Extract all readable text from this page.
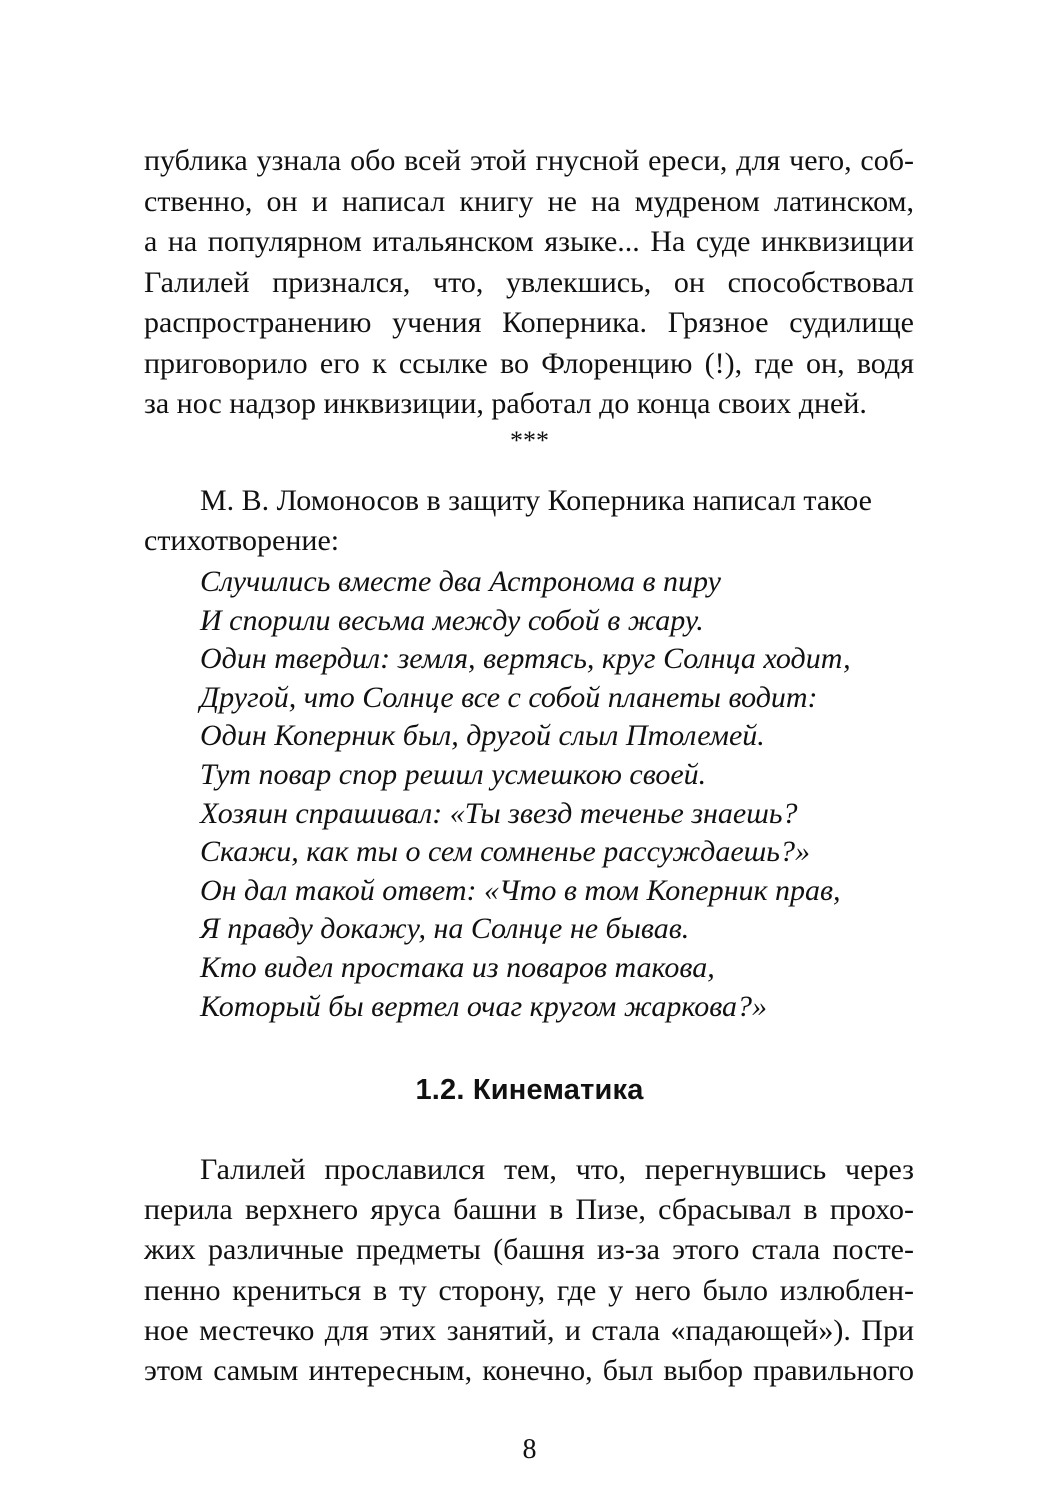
публика узнала обо всей этой гнусной ереси, для чего, соб-
ственно, он и написал книгу не на мудреном латинском,
а на популярном итальянском языке... На суде инквизиции
Галилей признался, что, увлекшись, он способствовал
распространению учения Коперника. Грязное судилище
приговорило его к ссылке во Флоренцию (!), где он, водя
за нос надзор инквизиции, работал до конца своих дней.
***
М. В. Ломоносов в защиту Коперника написал такое
стихотворение:
Случились вместе два Астронома в пиру
И спорили весьма между собой в жару.
Один твердил: земля, вертясь, круг Солнца ходит,
Другой, что Солнце все с собой планеты водит:
Один Коперник был, другой слыл Птолемей.
Тут повар спор решил усмешкою своей.
Хозяин спрашивал: «Ты звезд теченье знаешь?
Скажи, как ты о сем сомненье рассуждаешь?»
Он дал такой ответ: «Что в том Коперник прав,
Я правду докажу, на Солнце не бывав.
Кто видел простака из поваров такова,
Который бы вертел очаг кругом жаркова?»
1.2. Кинематика
Галилей прославился тем, что, перегнувшись через
перила верхнего яруса башни в Пизе, сбрасывал в прохо-
жих различные предметы (башня из-за этого стала посте-
пенно крениться в ту сторону, где у него было излюблен-
ное местечко для этих занятий, и стала «падающей»). При
этом самым интересным, конечно, был выбор правильного
8
